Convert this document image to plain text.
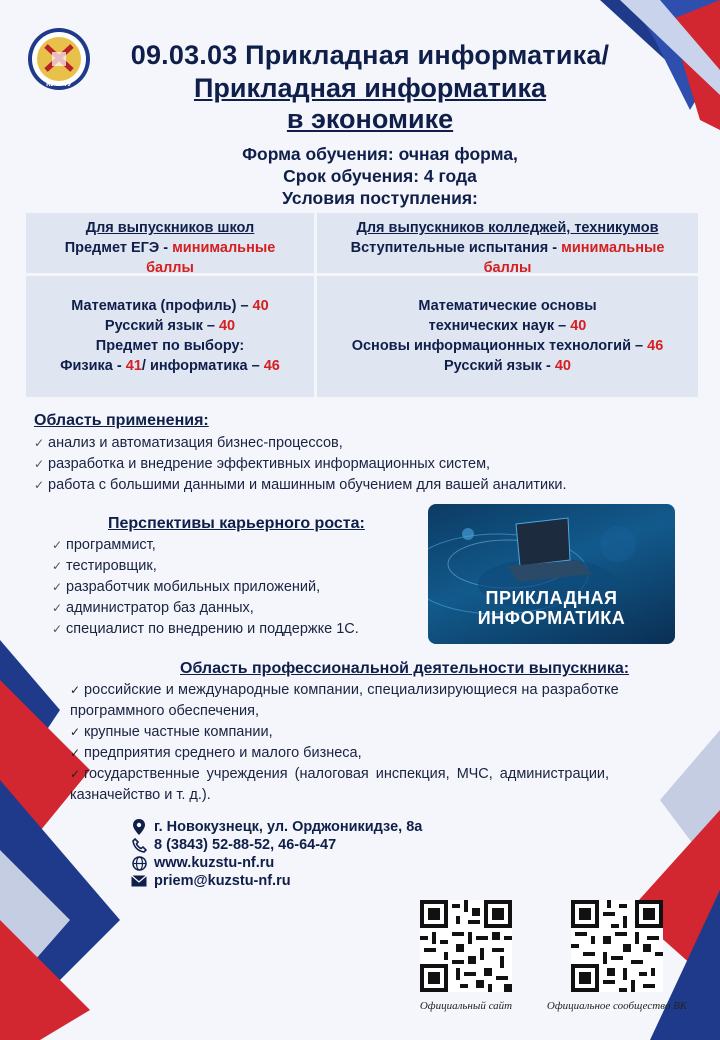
КУЗГТУ
09.03.03 Прикладная информатика/
Прикладная информатика
в экономике
Форма обучения: очная форма,
Срок обучения: 4 года
Условия поступления:
Для выпускников школ
Предмет ЕГЭ - минимальные
баллы
Для выпускников колледжей, техникумов
Вступительные испытания - минимальные
баллы
Математика (профиль) – 40
Русский язык – 40
Предмет по выбору:
Физика - 41/ информатика – 46
Математические основы
технических наук – 40
Основы информационных технологий – 46
Русский язык - 40
Область применения:
✓ анализ и автоматизация бизнес-процессов,
✓ разработка и внедрение эффективных информационных систем,
✓ работа с большими данными и машинным обучением для вашей аналитики.
Перспективы карьерного роста:
✓ программист,
✓ тестировщик,
✓ разработчик мобильных приложений,
✓ администратор баз данных,
✓ специалист по внедрению и поддержке 1С.
ПРИКЛАДНАЯ
ИНФОРМАТИКА
Область профессиональной деятельности выпускника:
✓ российские и международные компании, специализирующиеся на разработке
программного обеспечения,
✓ крупные частные компании,
✓ предприятия среднего и малого бизнеса,
✓ государственные учреждения (налоговая инспекция, МЧС, администрации,
казначейство и т. д.).
г. Новокузнецк, ул. Орджоникидзе, 8а
8 (3843) 52-88-52, 46-64-47
www.kuzstu-nf.ru
priem@kuzstu-nf.ru
Официальный сайт	Официальное сообщество ВК
